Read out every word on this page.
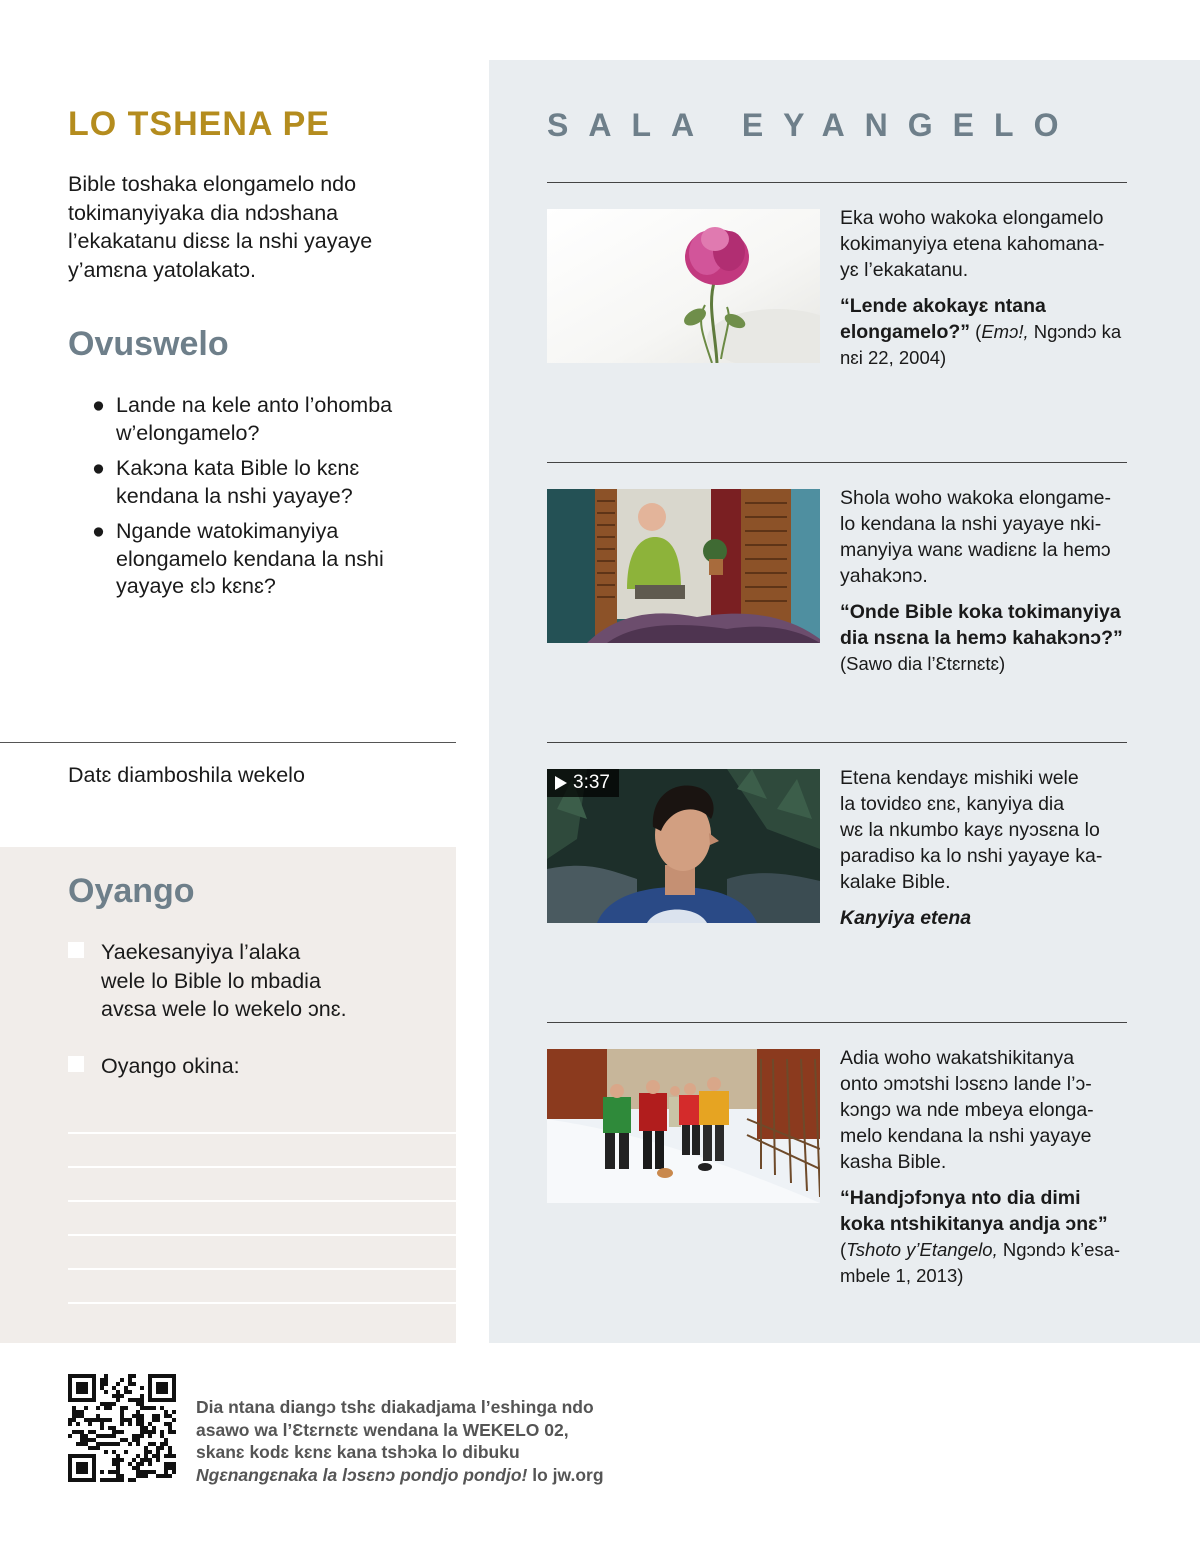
LO TSHENA PE
Bible toshaka elongamelo ndo
tokimanyiyaka dia ndɔshana
l’ekakatanu diɛsɛ la nshi yayaye
y’amɛna yatolakatɔ.
Ovuswelo
● Lande na kele anto l’ohomba
w’elongamelo?
● Kakɔna kata Bible lo kɛnɛ
kendana la nshi yayaye?
● Ngande watokimanyiya
elongamelo kendana la nshi
yayaye ɛlɔ kɛnɛ?
Datɛ diamboshila wekelo
Oyango
Yaekesanyiya l’alaka
wele lo Bible lo mbadia
avɛsa wele lo wekelo ɔnɛ.
Oyango okina:
SALA EYANGELO
Eka woho wakoka elongamelo
kokimanyiya etena kahomana-
yɛ l’ekakatanu.
“Lende akokayɛ ntana
elongamelo?” (Emɔ!, Ngɔndɔ ka
nɛi 22, 2004)
Shola woho wakoka elongame-
lo kendana la nshi yayaye nki-
manyiya wanɛ wadiɛnɛ la hemɔ
yahakɔnɔ.
“Onde Bible koka tokimanyiya
dia nsɛna la hemɔ kahakɔnɔ?”
(Sawo dia l’Ɛtɛrnɛtɛ)
3:37	Etena kendayɛ mishiki wele
la tovidɛo ɛnɛ, kanyiya dia
wɛ la nkumbo kayɛ nyɔsɛna lo
paradiso ka lo nshi yayaye ka-
kalake Bible.
Kanyiya etena
Adia woho wakatshikitanya
onto ɔmɔtshi lɔsɛnɔ lande l’ɔ-
kɔngɔ wa nde mbeya elonga-
melo kendana la nshi yayaye
kasha Bible.
“Handjɔfɔnya nto dia dimi
koka ntshikitanya andja ɔnɛ”
(Tshoto y’Etangelo, Ngɔndɔ k’esa-
mbele 1, 2013)
Dia ntana diangɔ tshɛ diakadjama l’eshinga ndo
asawo wa l’Ɛtɛrnɛtɛ wendana la WEKELO 02,
skanɛ kodɛ kɛnɛ kana tshɔka lo dibuku
Ngɛnangɛnaka la lɔsɛnɔ pondjo pondjo! lo jw.org
